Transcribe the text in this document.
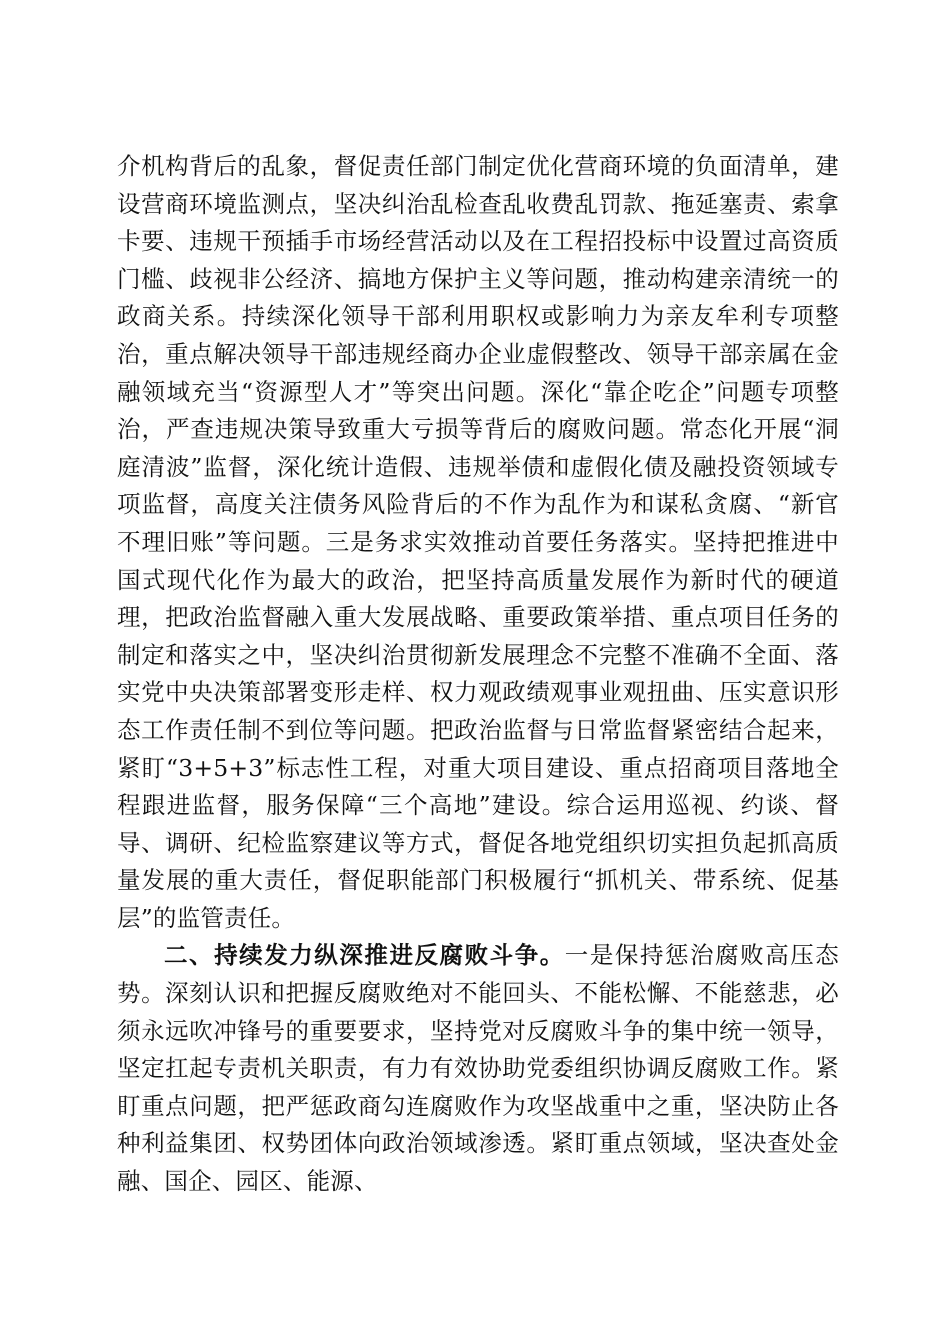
介机构背后的乱象，督促责任部门制定优化营商环境的负面清单，建设营商环境监测点，坚决纠治乱检查乱收费乱罚款、拖延塞责、索拿卡要、违规干预插手市场经营活动以及在工程招投标中设置过高资质门槛、歧视非公经济、搞地方保护主义等问题，推动构建亲清统一的政商关系。持续深化领导干部利用职权或影响力为亲友牟利专项整治，重点解决领导干部违规经商办企业虚假整改、领导干部亲属在金融领域充当“资源型人才”等突出问题。深化“靠企吃企”问题专项整治，严查违规决策导致重大亏损等背后的腐败问题。常态化开展“洞庭清波”监督，深化统计造假、违规举债和虚假化债及融投资领域专项监督，高度关注债务风险背后的不作为乱作为和谋私贪腐、“新官不理旧账”等问题。三是务求实效推动首要任务落实。坚持把推进中国式现代化作为最大的政治，把坚持高质量发展作为新时代的硬道理，把政治监督融入重大发展战略、重要政策举措、重点项目任务的制定和落实之中，坚决纠治贯彻新发展理念不完整不准确不全面、落实党中央决策部署变形走样、权力观政绩观事业观扭曲、压实意识形态工作责任制不到位等问题。把政治监督与日常监督紧密结合起来，紧盯“3+5+3”标志性工程，对重大项目建设、重点招商项目落地全程跟进监督，服务保障“三个高地”建设。综合运用巡视、约谈、督导、调研、纪检监察建议等方式，督促各地党组织切实担负起抓高质量发展的重大责任，督促职能部门积极履行“抓机关、带系统、促基层”的监管责任。

二、持续发力纵深推进反腐败斗争。一是保持惩治腐败高压态势。深刻认识和把握反腐败绝对不能回头、不能松懈、不能慈悲，必须永远吹冲锋号的重要要求，坚持党对反腐败斗争的集中统一领导，坚定扛起专责机关职责，有力有效协助党委组织协调反腐败工作。紧盯重点问题，把严惩政商勾连腐败作为攻坚战重中之重，坚决防止各种利益集团、权势团体向政治领域渗透。紧盯重点领域，坚决查处金融、国企、园区、能源、
